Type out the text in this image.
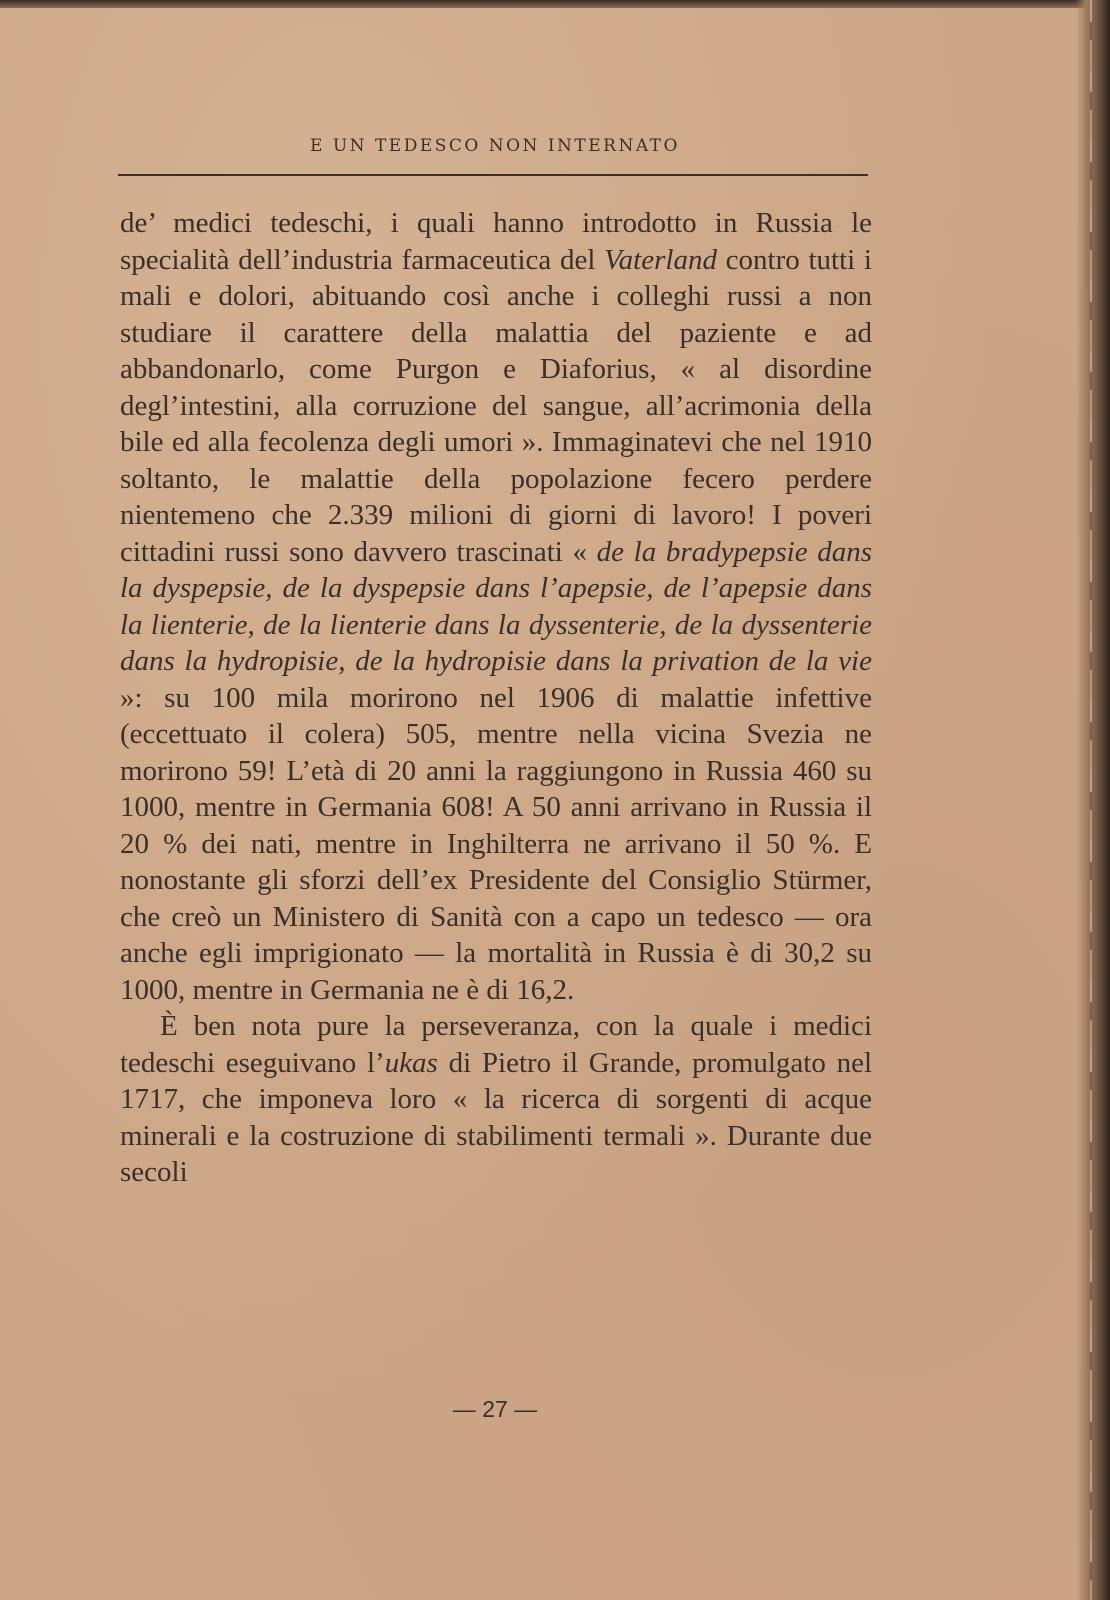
E UN TEDESCO NON INTERNATO

de’ medici tedeschi, i quali hanno introdotto in Russia le specialità dell’industria farmaceutica del Vaterland contro tutti i mali e dolori, abituando così anche i colleghi russi a non studiare il carattere della malattia del paziente e ad abbandonarlo, come Purgon e Diaforius, « al disordine degl’intestini, alla corruzione del sangue, all’acrimonia della bile ed alla fecolenza degli umori ». Immaginatevi che nel 1910 soltanto, le malattie della popolazione fecero perdere nientemeno che 2.339 milioni di giorni di lavoro! I poveri cittadini russi sono davvero trascinati « de la bradypepsie dans la dyspepsie, de la dyspepsie dans l’apepsie, de l’apepsie dans la lienterie, de la lienterie dans la dyssenterie, de la dyssenterie dans la hydropisie, de la hydropisie dans la privation de la vie »: su 100 mila morirono nel 1906 di malattie infettive (eccettuato il colera) 505, mentre nella vicina Svezia ne morirono 59! L’età di 20 anni la raggiungono in Russia 460 su 1000, mentre in Germania 608! A 50 anni arrivano in Russia il 20 % dei nati, mentre in Inghilterra ne arrivano il 50 %. E nonostante gli sforzi dell’ex Presidente del Consiglio Stürmer, che creò un Ministero di Sanità con a capo un tedesco — ora anche egli imprigionato — la mortalità in Russia è di 30,2 su 1000, mentre in Germania ne è di 16,2.

È ben nota pure la perseveranza, con la quale i medici tedeschi eseguivano l’ukas di Pietro il Grande, promulgato nel 1717, che imponeva loro « la ricerca di sorgenti di acque minerali e la costruzione di stabilimenti termali ». Durante due secoli

— 27 —
